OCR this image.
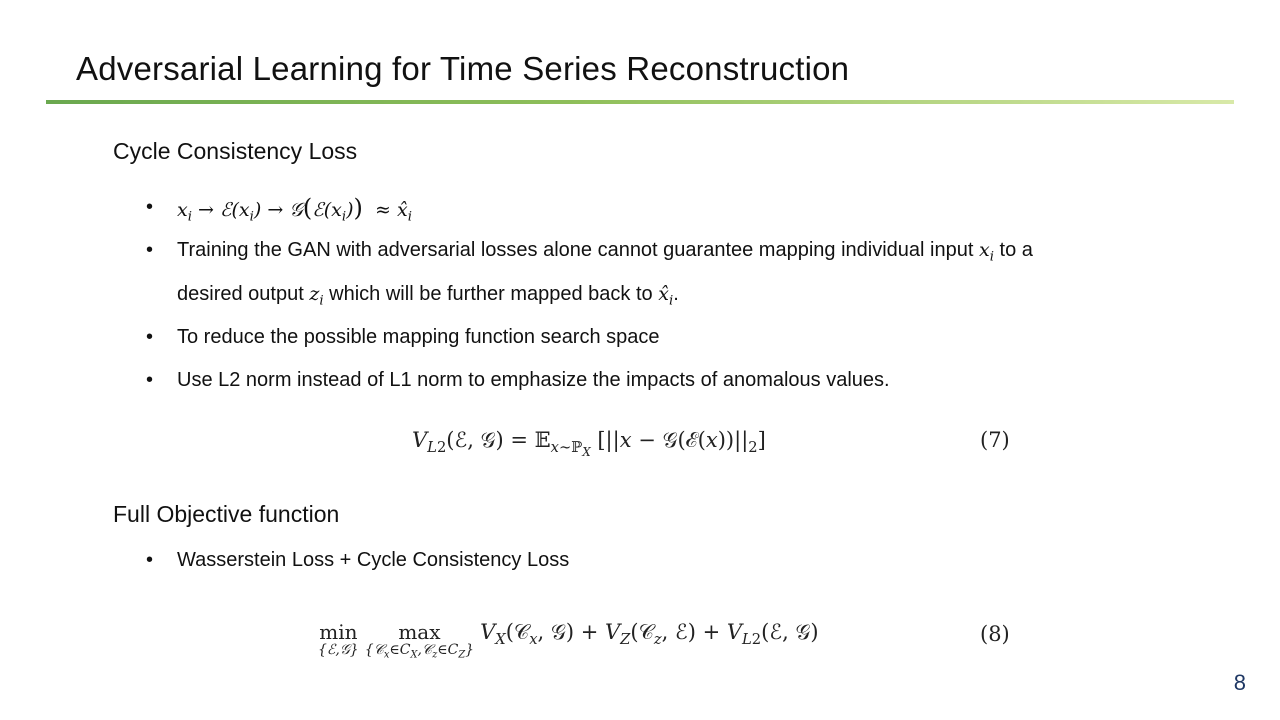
Adversarial Learning for Time Series Reconstruction
Cycle Consistency Loss
• $x_i$ → $ℰ(x_i)$ → $𝒢(ℰ(x_i))$ ≈ $x̂_i$
• Training the GAN with adversarial losses alone cannot guarantee mapping individual input $x_i$ to a
desired output $z_i$ which will be further mapped back to $x̂_i$.
• To reduce the possible mapping function search space
• Use L2 norm instead of L1 norm to emphasize the impacts of anomalous values.
$V_{L2}(ℰ$, 𝒢) = 𝔼$_{x\sim ℙ_X}$ $[||x - 𝒢(ℰ(x))||_2]$	(7)
Full Objective function
• Wasserstein Loss + Cycle Consistency Loss
min
{ℰ,𝒢}
max
$\{𝒞_x\in C_X,𝒞_z\in C_Z\}$
$V_X(𝒞_x$, 𝒢) + $V_Z(𝒞_z$, ℰ) + $V_{L2}(ℰ$, 𝒢)	(8)
8
